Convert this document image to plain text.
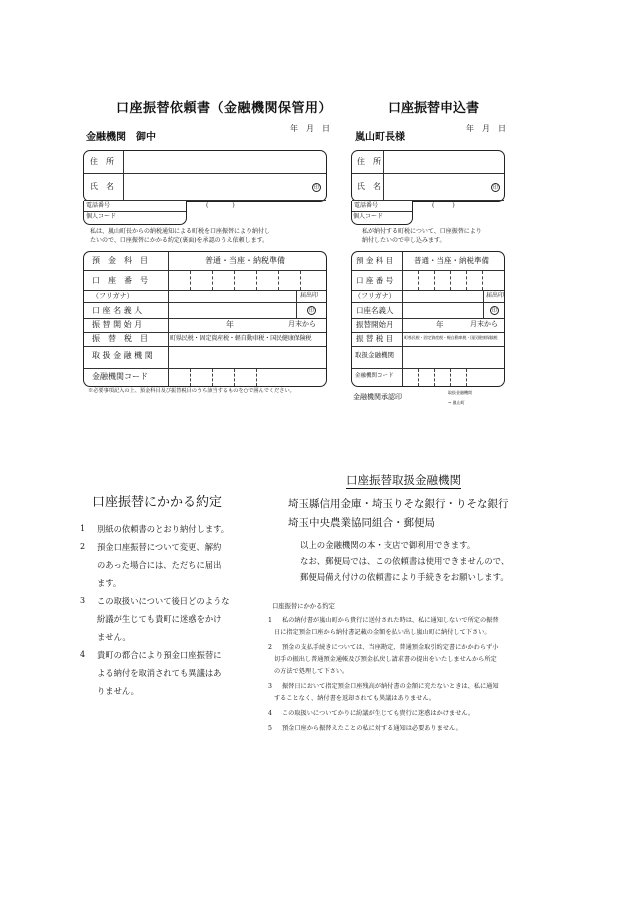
口座振替依頼書（金融機関保管用）
年　月　日
金融機関　御中
住　所
氏　名	印
電話番号	(　　　　)
個人コード
私は、嵐山町長からの納税通知による町税を口座振替により納付し
たいので、口座振替にかかる約定(裏面)を承認のうえ依頼します。
預　金　科　目	普通・当座・納税準備
口　座　番　号
（フリガナ）	届出印
口 座 名 義 人	印
振 替 開 始 月	年	月末から
振　替　税　目	町県民税・固定資産税・軽自動車税・国民健康保険税
取 扱 金 融 機 関
金融機関コード
※必要事項記入の上、預金科目及び振替税目のうち該当するものを○で囲んでください。
口座振替申込書
年　月　日
嵐山町長様
住　所
氏　名	印
電話番号	(　　　)
個人コード
私が納付する町税について、口座振替により
納付したいので申し込みます。
預 金 科 目	普通・当座・納税準備
口 座 番 号
（フリガナ）	届出印
口座名義人	印
振替開始月	年	月末から
振 替 税 目	町県民税・固定資産税・軽自動車税・国民健康保険税
取扱金融機関
金融機関コード
金融機関承認印
取扱金融機関
→ 嵐山町
口座振替にかかる約定
1 別紙の依頼書のとおり納付します。
2 預金口座振替について変更、解約
のあった場合には、ただちに届出
ます。
3 この取扱いについて後日どのような
紛議が生じても貴町に迷惑をかけ
ません。
4 貴町の都合により預金口座振替に
よる納付を取消されても異議はあ
りません。
口座振替取扱金融機関
埼玉縣信用金庫・埼玉りそな銀行・りそな銀行
埼玉中央農業協同組合・郵便局
以上の金融機関の本・支店で御利用できます。
なお、郵便局では、この依頼書は使用できませんので、
郵便局備え付けの依頼書により手続きをお願いします。
口座振替にかかる約定
1 私の納付書が嵐山町から貴行に送付された時は、私に通知しないで所定の振替
日に指定預金口座から納付書記載の金額を払い出し嵐山町に納付して下さい。
2 預金の支払手続きについては、当座勘定、普通預金取引約定書にかかわらず小
切手の振出し普通預金通帳及び預金払戻し請求書の提出をいたしませんから所定
の方法で処理して下さい。
3 振替日において指定預金口座残高が納付書の金額に充たないときは、私に通知
することなく、納付書を返却されても異議はありません。
4 この取扱いについてかりに紛議が生じても貴行に迷惑はかけません。
5 預金口座から振替えたことの私に対する通知は必要ありません。
